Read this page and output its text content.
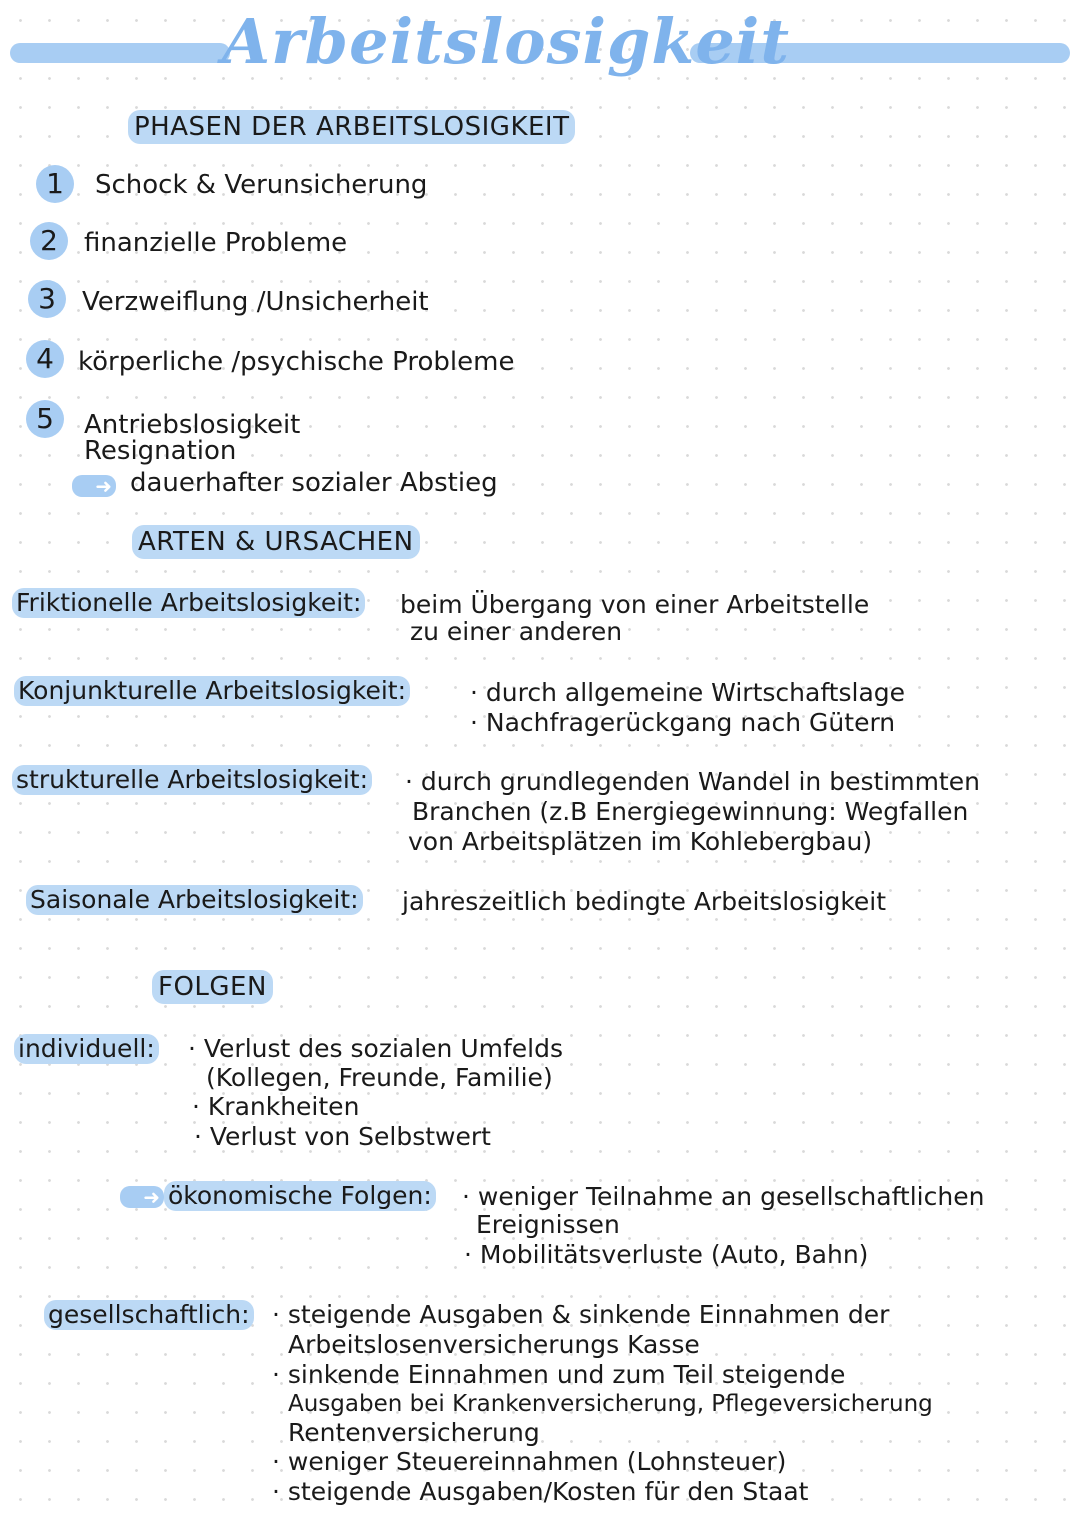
Arbeitslosigkeit
PHASEN DER ARBEITSLOSIGKEIT
1	Schock & Verunsicherung
2	finanzielle Probleme
3	Verzweiflung /Unsicherheit
4 körperliche /psychische Probleme
5	Antriebslosigkeit
Resignation
➜ dauerhafter sozialer Abstieg
ARTEN & URSACHEN
Friktionelle Arbeitslosigkeit: beim Übergang von einer Arbeitstelle
zu einer anderen
Konjunkturelle Arbeitslosigkeit:	· durch allgemeine Wirtschaftslage
· Nachfragerückgang nach Gütern
strukturelle Arbeitslosigkeit: · durch grundlegenden Wandel in bestimmten
Branchen (z.B Energiegewinnung: Wegfallen
von Arbeitsplätzen im Kohlebergbau)
Saisonale Arbeitslosigkeit: jahreszeitlich bedingte Arbeitslosigkeit
FOLGEN
individuell: · Verlust des sozialen Umfelds
(Kollegen, Freunde, Familie)
· Krankheiten
· Verlust von Selbstwert
➜ ökonomische Folgen: · weniger Teilnahme an gesellschaftlichen
Ereignissen
· Mobilitätsverluste (Auto, Bahn)
gesellschaftlich: · steigende Ausgaben & sinkende Einnahmen der
Arbeitslosenversicherungs Kasse
· sinkende Einnahmen und zum Teil steigende
Ausgaben bei Krankenversicherung, Pflegeversicherung
Rentenversicherung
· weniger Steuereinnahmen (Lohnsteuer)
· steigende Ausgaben/Kosten für den Staat
